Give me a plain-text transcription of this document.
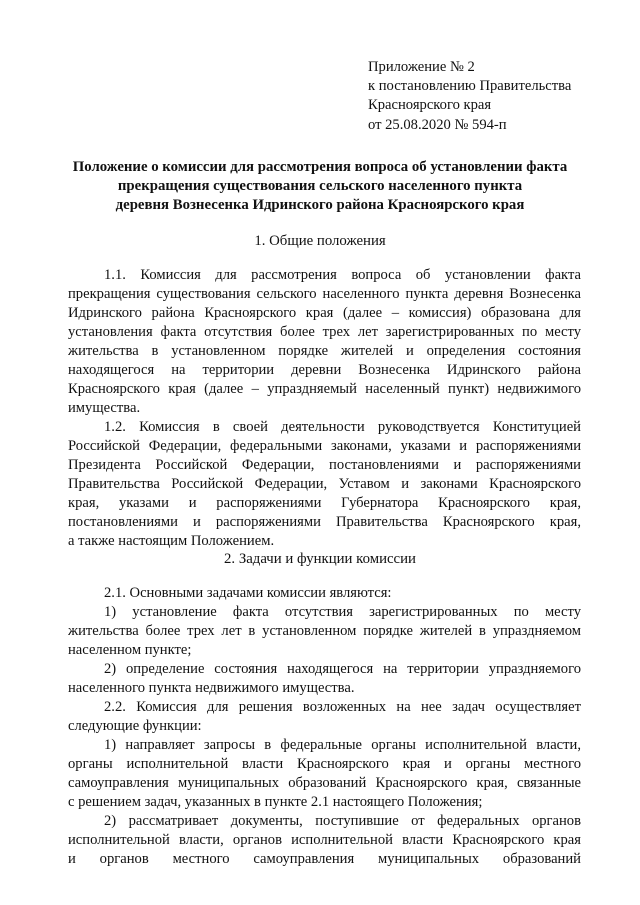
Приложение № 2
к постановлению Правительства
Красноярского края
от 25.08.2020 № 594-п
Положение о комиссии для рассмотрения вопроса об установлении факта
прекращения существования сельского населенного пункта
деревня Вознесенка Идринского района Красноярского края
1. Общие положения
1.1. Комиссия для рассмотрения вопроса об установлении факта
прекращения существования сельского населенного пункта деревня Вознесенка
Идринского района Красноярского края (далее – комиссия) образована для
установления факта отсутствия более трех лет зарегистрированных по месту
жительства в установленном порядке жителей и определения состояния
находящегося на территории деревни Вознесенка Идринского района
Красноярского края (далее – упраздняемый населенный пункт) недвижимого
имущества.
1.2. Комиссия в своей деятельности руководствуется Конституцией
Российской Федерации, федеральными законами, указами и распоряжениями
Президента Российской Федерации, постановлениями и распоряжениями
Правительства Российской Федерации, Уставом и законами Красноярского
края, указами и распоряжениями Губернатора Красноярского края,
постановлениями и распоряжениями Правительства Красноярского края,
а также настоящим Положением.
2. Задачи и функции комиссии
2.1. Основными задачами комиссии являются:
1) установление факта отсутствия зарегистрированных по месту
жительства более трех лет в установленном порядке жителей в упраздняемом
населенном пункте;
2) определение состояния находящегося на территории упраздняемого
населенного пункта недвижимого имущества.
2.2. Комиссия для решения возложенных на нее задач осуществляет
следующие функции:
1) направляет запросы в федеральные органы исполнительной власти,
органы исполнительной власти Красноярского края и органы местного
самоуправления муниципальных образований Красноярского края, связанные
с решением задач, указанных в пункте 2.1 настоящего Положения;
2) рассматривает документы, поступившие от федеральных органов
исполнительной власти, органов исполнительной власти Красноярского края
и органов местного самоуправления муниципальных образований
